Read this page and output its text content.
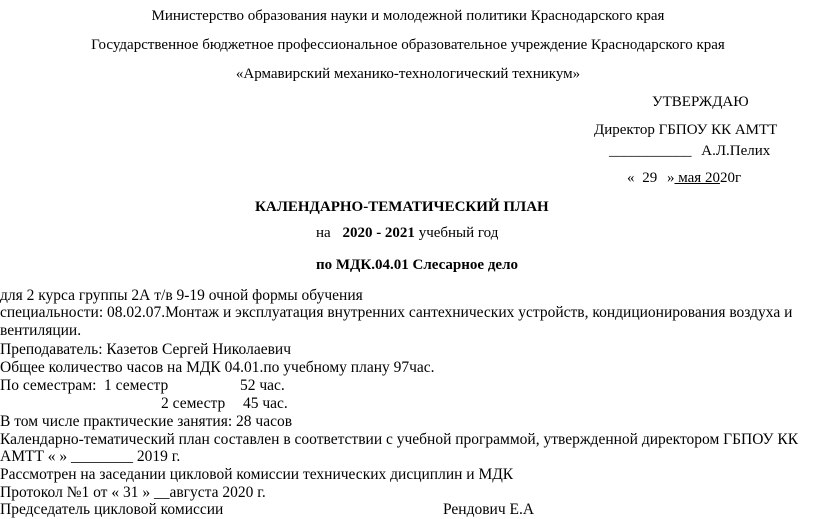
Министерство образования науки и молодежной политики Краснодарского края
Государственное бюджетное профессиональное образовательное учреждение Краснодарского края
«Армавирский механико-технологический техникум»
УТВЕРЖДАЮ
Директор ГБПОУ КК АМТТ
___________ А.Л.Пелих
« 29 » мая 2020г
КАЛЕНДАРНО-ТЕМАТИЧЕСКИЙ ПЛАН
на 2020 - 2021 учебный год
по МДК.04.01 Слесарное дело
для 2 курса группы 2А т/в 9-19 очной формы обучения
специальности: 08.02.07.Монтаж и эксплуатация внутренних сантехнических устройств, кондиционирования воздуха и
вентиляции.
Преподаватель: Казетов Сергей Николаевич
Общее количество часов на МДК 04.01.по учебному плану 97час.
По семестрам: 1 семестр	52 час.
2 семестр 45 час.
В том числе практические занятия: 28 часов
Календарно-тематический план составлен в соответствии с учебной программой, утвержденной директором ГБПОУ КК
АМТТ « » ________ 2019 г.
Рассмотрен на заседании цикловой комиссии технических дисциплин и МДК
Протокол №1 от « 31 » __августа 2020 г.
Председатель цикловой комиссии	Рендович Е.А
